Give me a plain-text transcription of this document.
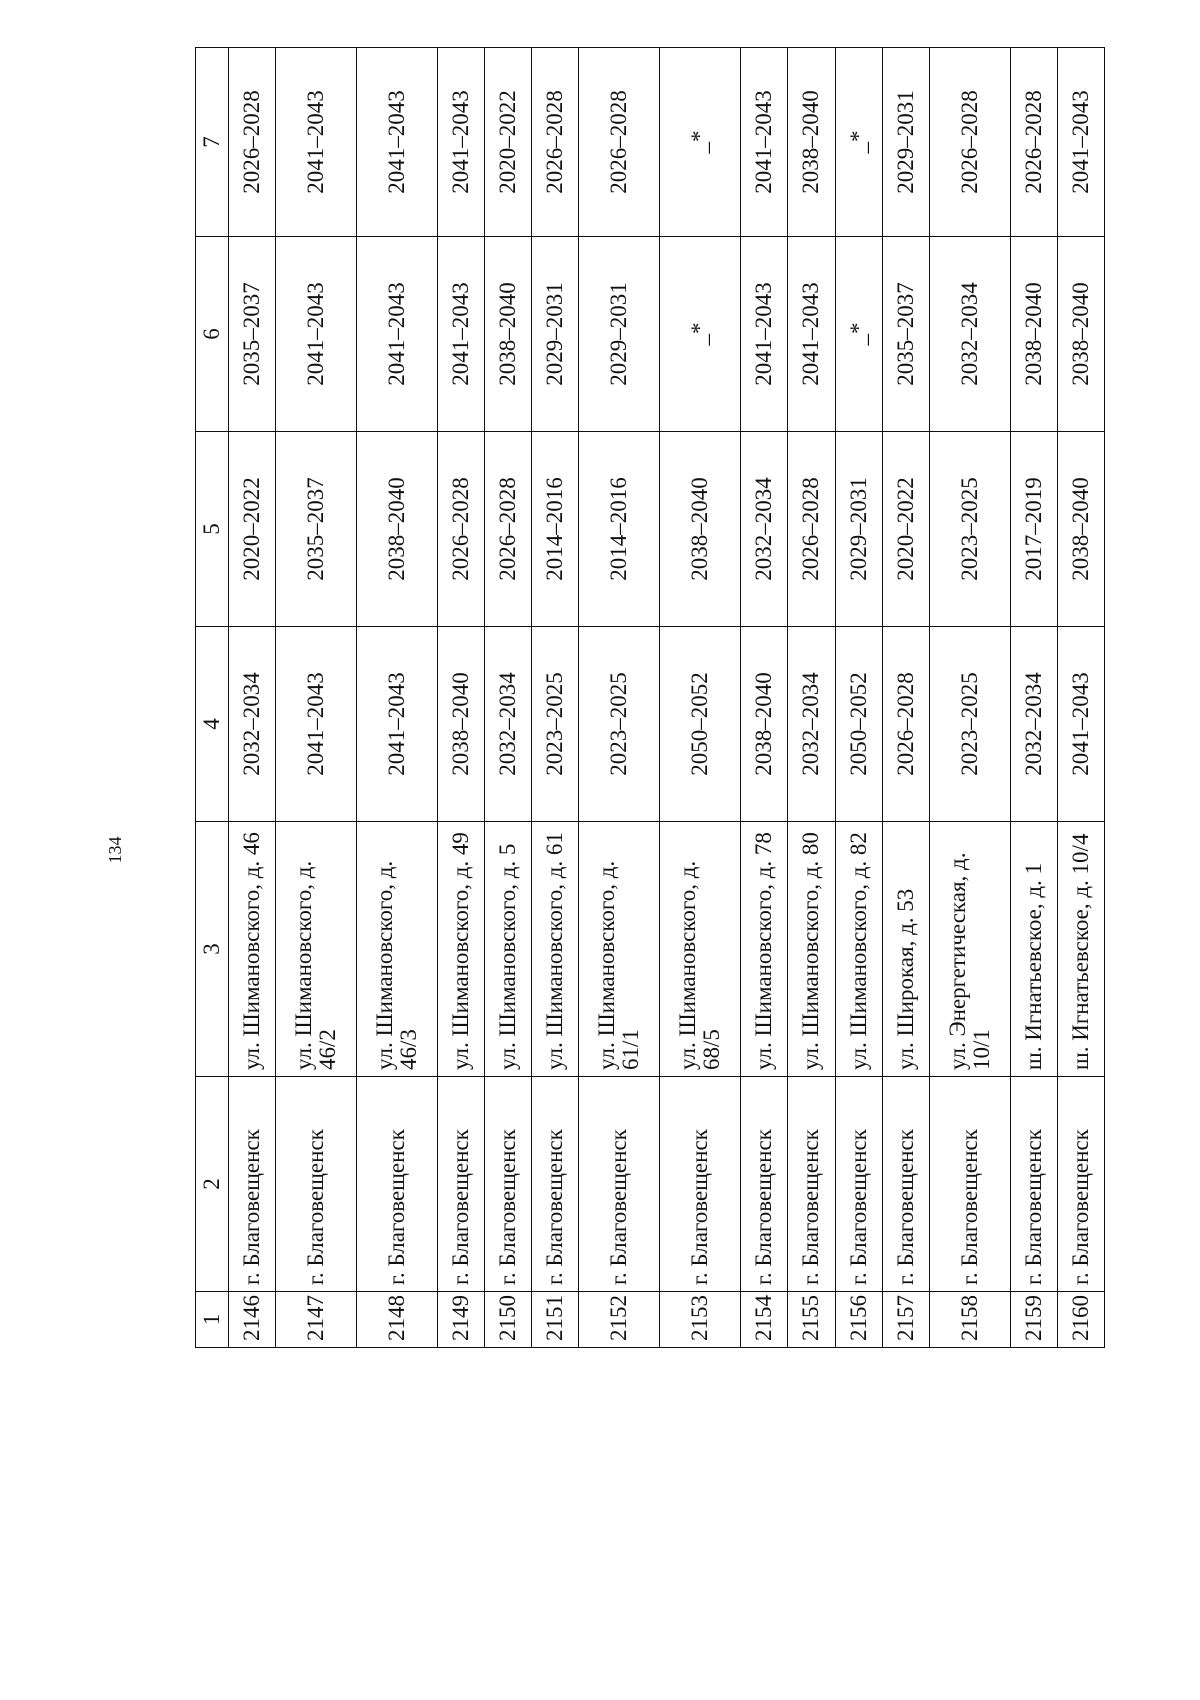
134
1	2	3	4	5	6	7
2146	г. Благовещенск	ул. Шимановского, д. 46	2032–2034	2020–2022	2035–2037	2026–2028
2147	г. Благовещенск	ул. Шимановского, д. 46/2	2041–2043	2035–2037	2041–2043	2041–2043
2148	г. Благовещенск	ул. Шимановского, д. 46/3	2041–2043	2038–2040	2041–2043	2041–2043
2149	г. Благовещенск	ул. Шимановского, д. 49	2038–2040	2026–2028	2041–2043	2041–2043
2150	г. Благовещенск	ул. Шимановского, д. 5	2032–2034	2026–2028	2038–2040	2020–2022
2151	г. Благовещенск	ул. Шимановского, д. 61	2023–2025	2014–2016	2029–2031	2026–2028
2152	г. Благовещенск	ул. Шимановского, д. 61/1	2023–2025	2014–2016	2029–2031	2026–2028
2153	г. Благовещенск	ул. Шимановского, д. 68/5	2050–2052	2038–2040	_*	_*
2154	г. Благовещенск	ул. Шимановского, д. 78	2038–2040	2032–2034	2041–2043	2041–2043
2155	г. Благовещенск	ул. Шимановского, д. 80	2032–2034	2026–2028	2041–2043	2038–2040
2156	г. Благовещенск	ул. Шимановского, д. 82	2050–2052	2029–2031	_*	_*
2157	г. Благовещенск	ул. Широкая, д. 53	2026–2028	2020–2022	2035–2037	2029–2031
2158	г. Благовещенск	ул. Энергетическая, д. 10/1	2023–2025	2023–2025	2032–2034	2026–2028
2159	г. Благовещенск	ш. Игнатьевское, д. 1	2032–2034	2017–2019	2038–2040	2026–2028
2160	г. Благовещенск	ш. Игнатьевское, д. 10/4	2041–2043	2038–2040	2038–2040	2041–2043
